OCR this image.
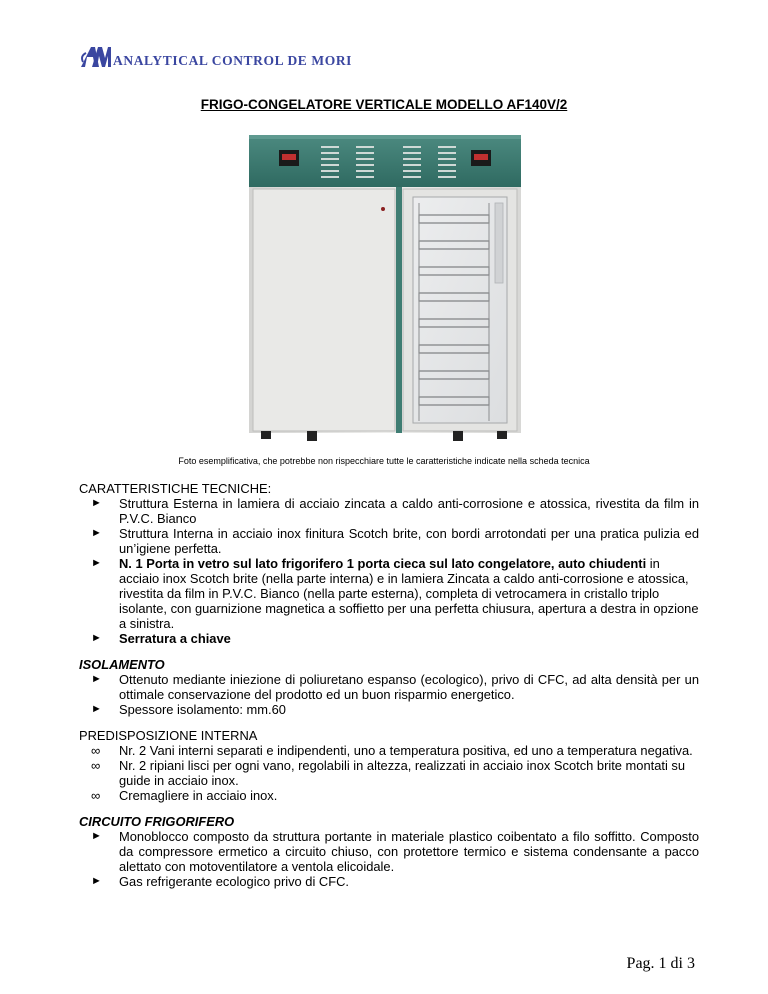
ANALYTICAL CONTROL DE MORI
FRIGO-CONGELATORE VERTICALE MODELLO AF140V/2
Foto esemplificativa, che potrebbe non rispecchiare tutte le caratteristiche indicate nella scheda tecnica
CARATTERISTICHE TECNICHE:
► Struttura Esterna in lamiera di acciaio zincata a caldo anti-corrosione e atossica, rivestita da film in P.V.C. Bianco
► Struttura Interna in acciaio inox finitura Scotch brite, con bordi arrotondati per una pratica pulizia ed un’igiene perfetta.
► N. 1 Porta in vetro sul lato frigorifero 1 porta cieca sul lato congelatore, auto chiudenti in acciaio inox Scotch brite (nella parte interna) e in lamiera Zincata a caldo anti-corrosione e atossica, rivestita da film in P.V.C. Bianco (nella parte esterna), completa di vetrocamera in cristallo triplo isolante, con guarnizione magnetica a soffietto per una perfetta chiusura, apertura a destra in opzione a sinistra.
► Serratura a chiave
ISOLAMENTO
► Ottenuto mediante iniezione di poliuretano espanso (ecologico), privo di CFC, ad alta densità per un ottimale conservazione del prodotto ed un buon risparmio energetico.
► Spessore isolamento: mm.60
PREDISPOSIZIONE INTERNA
∞ Nr. 2 Vani interni separati e indipendenti, uno a temperatura positiva, ed uno a temperatura negativa.
∞ Nr. 2 ripiani lisci per ogni vano, regolabili in altezza, realizzati in acciaio inox Scotch brite montati su guide in acciaio inox.
∞ Cremagliere in acciaio inox.
CIRCUITO FRIGORIFERO
► Monoblocco composto da struttura portante in materiale plastico coibentato a filo soffitto. Composto da compressore ermetico a circuito chiuso, con protettore termico e sistema condensante a pacco alettato con motoventilatore a ventola elicoidale.
► Gas refrigerante ecologico privo di CFC.
Pag. 1 di 3
